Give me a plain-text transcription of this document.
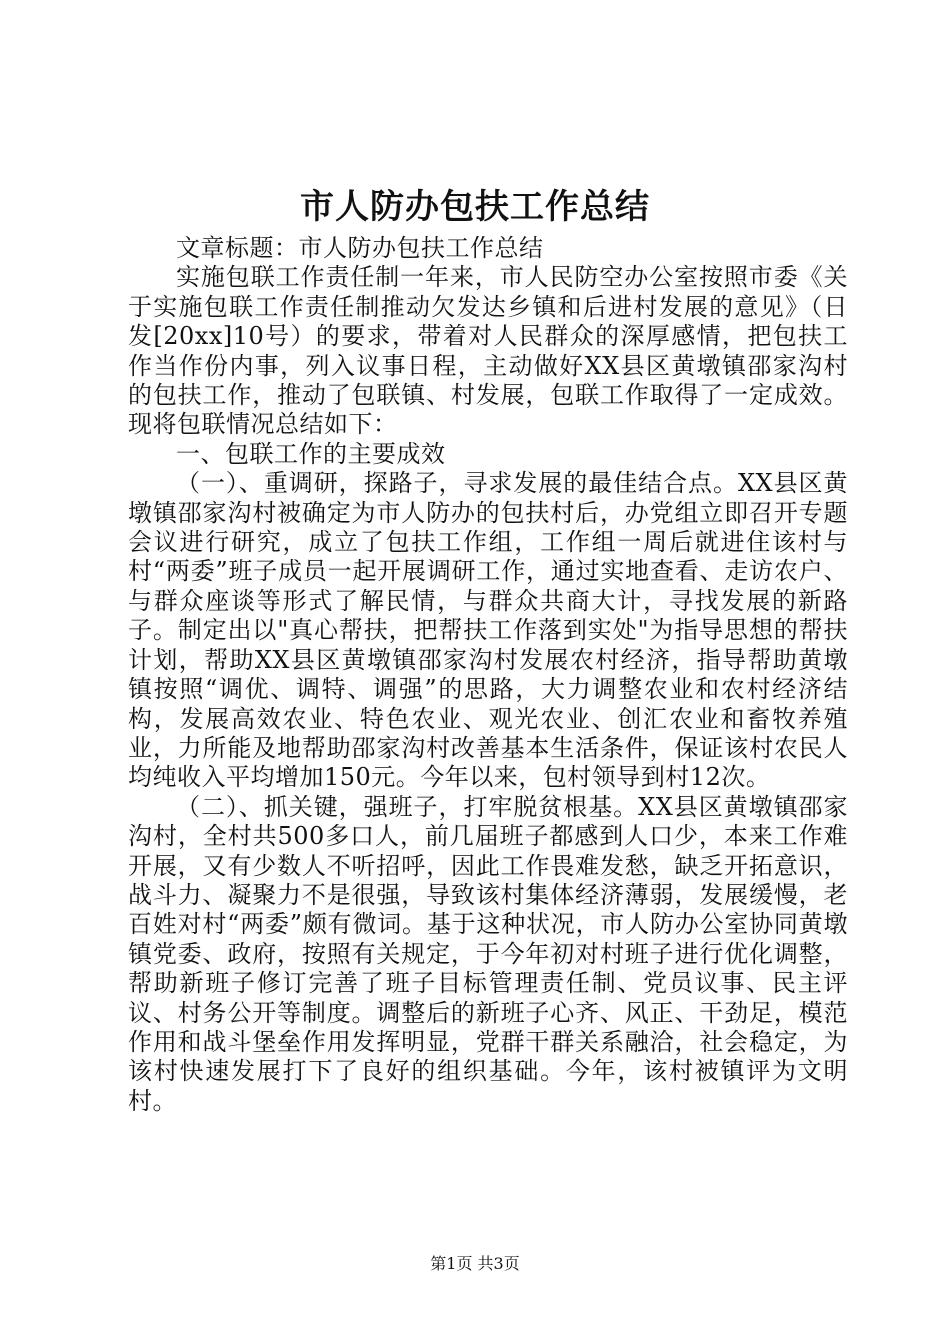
市人防办包扶工作总结

文章标题：市人防办包扶工作总结

实施包联工作责任制一年来，市人民防空办公室按照市委《关于实施包联工作责任制推动欠发达乡镇和后进村发展的意见》（日发[20xx]10号）的要求，带着对人民群众的深厚感情，把包扶工作当作份内事，列入议事日程，主动做好XX县区黄墩镇邵家沟村的包扶工作，推动了包联镇、村发展，包联工作取得了一定成效。现将包联情况总结如下：

一、包联工作的主要成效

（一）、重调研，探路子，寻求发展的最佳结合点。XX县区黄墩镇邵家沟村被确定为市人防办的包扶村后，办党组立即召开专题会议进行研究，成立了包扶工作组，工作组一周后就进住该村与村“两委”班子成员一起开展调研工作，通过实地查看、走访农户、与群众座谈等形式了解民情，与群众共商大计，寻找发展的新路子。制定出以"真心帮扶，把帮扶工作落到实处"为指导思想的帮扶计划，帮助XX县区黄墩镇邵家沟村发展农村经济，指导帮助黄墩镇按照“调优、调特、调强”的思路，大力调整农业和农村经济结构，发展高效农业、特色农业、观光农业、创汇农业和畜牧养殖业，力所能及地帮助邵家沟村改善基本生活条件，保证该村农民人均纯收入平均增加150元。今年以来，包村领导到村12次。

（二）、抓关键，强班子，打牢脱贫根基。XX县区黄墩镇邵家沟村，全村共500多口人，前几届班子都感到人口少，本来工作难开展，又有少数人不听招呼，因此工作畏难发愁，缺乏开拓意识，战斗力、凝聚力不是很强，导致该村集体经济薄弱，发展缓慢，老百姓对村“两委”颇有微词。基于这种状况，市人防办公室协同黄墩镇党委、政府，按照有关规定，于今年初对村班子进行优化调整，帮助新班子修订完善了班子目标管理责任制、党员议事、民主评议、村务公开等制度。调整后的新班子心齐、风正、干劲足，模范作用和战斗堡垒作用发挥明显，党群干群关系融洽，社会稳定，为该村快速发展打下了良好的组织基础。今年，该村被镇评为文明村。

第1页 共3页
